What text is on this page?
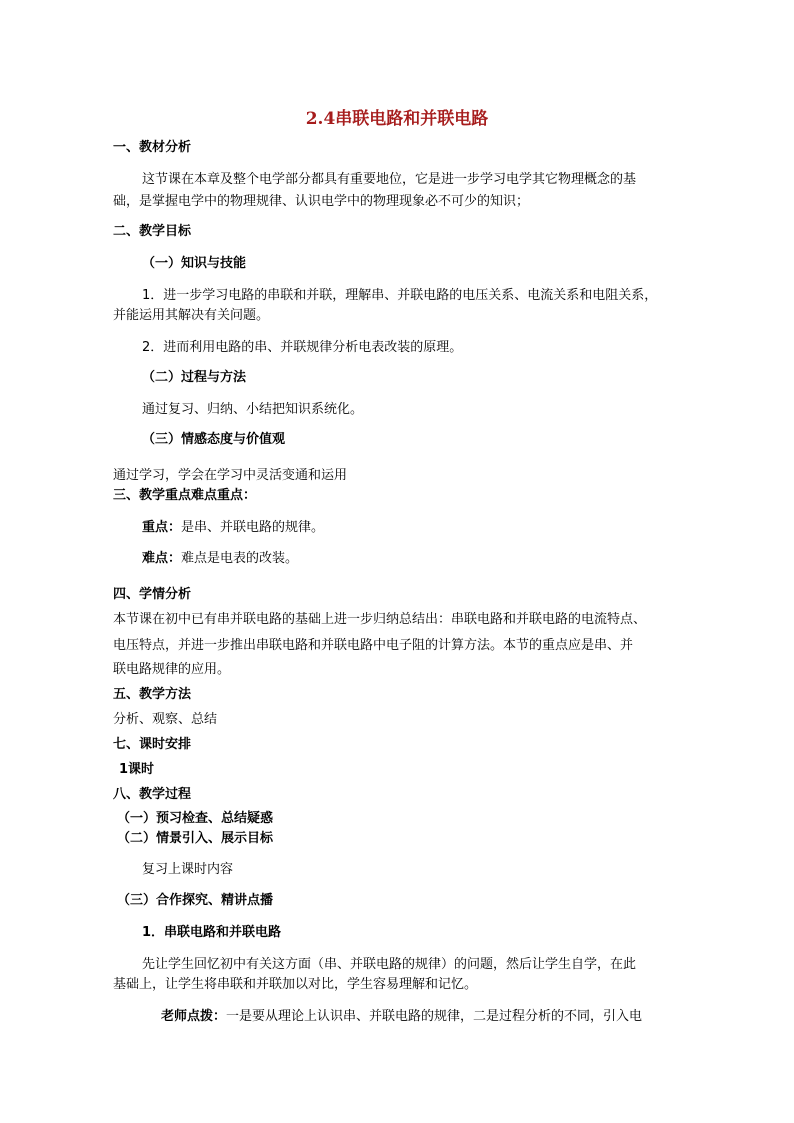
2.4串联电路和并联电路
一、教材分析
这节课在本章及整个电学部分都具有重要地位，它是进一步学习电学其它物理概念的基
础，是掌握电学中的物理规律、认识电学中的物理现象必不可少的知识；
二、教学目标
（一）知识与技能
1．进一步学习电路的串联和并联，理解串、并联电路的电压关系、电流关系和电阻关系，
并能运用其解决有关问题。
2．进而利用电路的串、并联规律分析电表改装的原理。
（二）过程与方法
通过复习、归纳、小结把知识系统化。
（三）情感态度与价值观
通过学习，学会在学习中灵活变通和运用
三、教学重点难点重点：
重点：是串、并联电路的规律。
难点：难点是电表的改装。
四、学情分析
本节课在初中已有串并联电路的基础上进一步归纳总结出：串联电路和并联电路的电流特点、
电压特点，并进一步推出串联电路和并联电路中电子阻的计算方法。本节的重点应是串、并
联电路规律的应用。
五、教学方法
分析、观察、总结
七、课时安排
1课时
八、教学过程
（一）预习检查、总结疑惑
（二）情景引入、展示目标
复习上课时内容
（三）合作探究、精讲点播
1．串联电路和并联电路
先让学生回忆初中有关这方面（串、并联电路的规律）的问题，然后让学生自学，在此
基础上，让学生将串联和并联加以对比，学生容易理解和记忆。
老师点拨：一是要从理论上认识串、并联电路的规律，二是过程分析的不同，引入电
